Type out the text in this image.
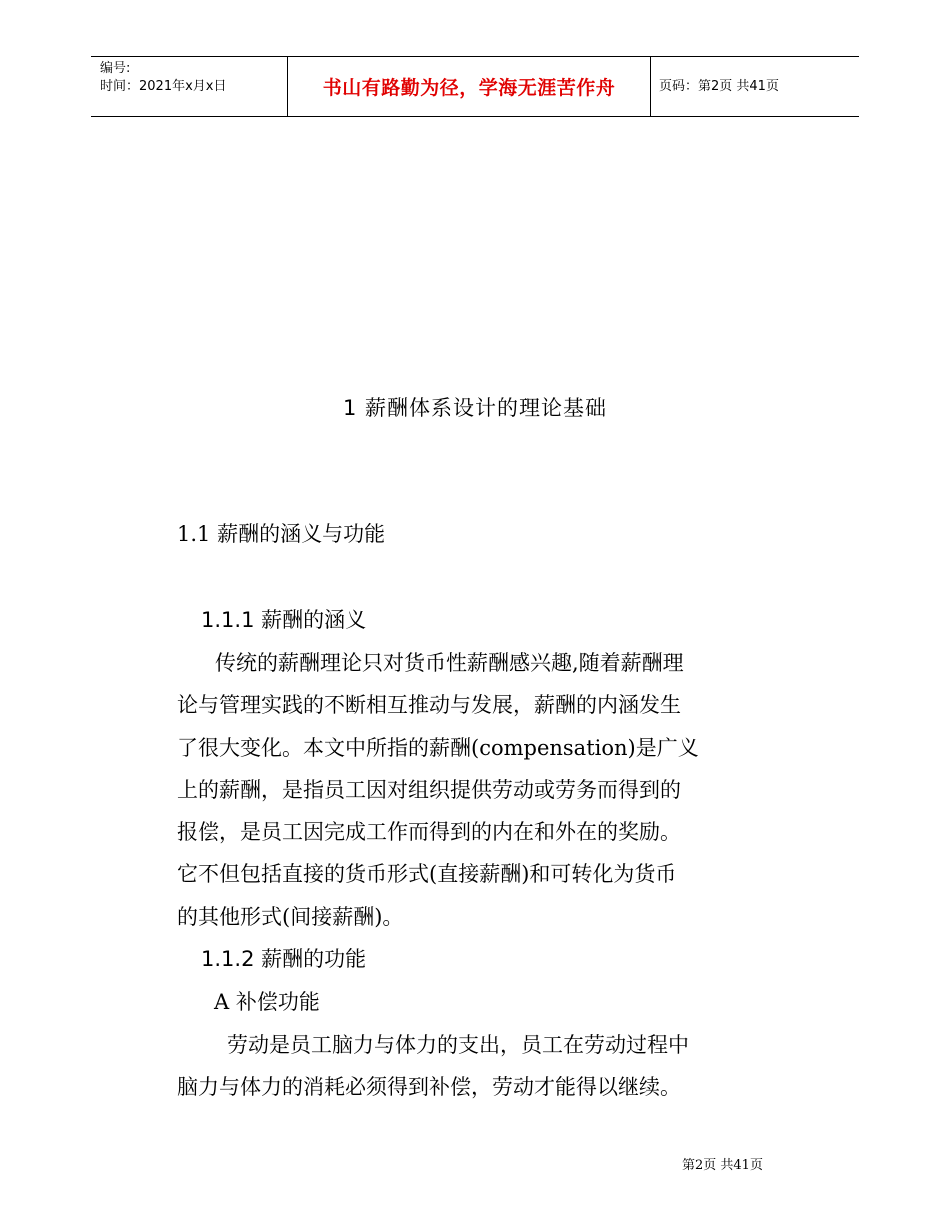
编号:
时间：2021年x月x日	书山有路勤为径，学海无涯苦作舟	页码：第2页 共41页
1 薪酬体系设计的理论基础
1.1 薪酬的涵义与功能
1.1.1 薪酬的涵义
传统的薪酬理论只对货币性薪酬感兴趣,随着薪酬理
论与管理实践的不断相互推动与发展，薪酬的内涵发生
了很大变化。本文中所指的薪酬(compensation)是广义
上的薪酬，是指员工因对组织提供劳动或劳务而得到的
报偿，是员工因完成工作而得到的内在和外在的奖励。
它不但包括直接的货币形式(直接薪酬)和可转化为货币
的其他形式(间接薪酬)。
1.1.2 薪酬的功能
A 补偿功能
劳动是员工脑力与体力的支出，员工在劳动过程中
脑力与体力的消耗必须得到补偿，劳动才能得以继续。
第2页 共41页
